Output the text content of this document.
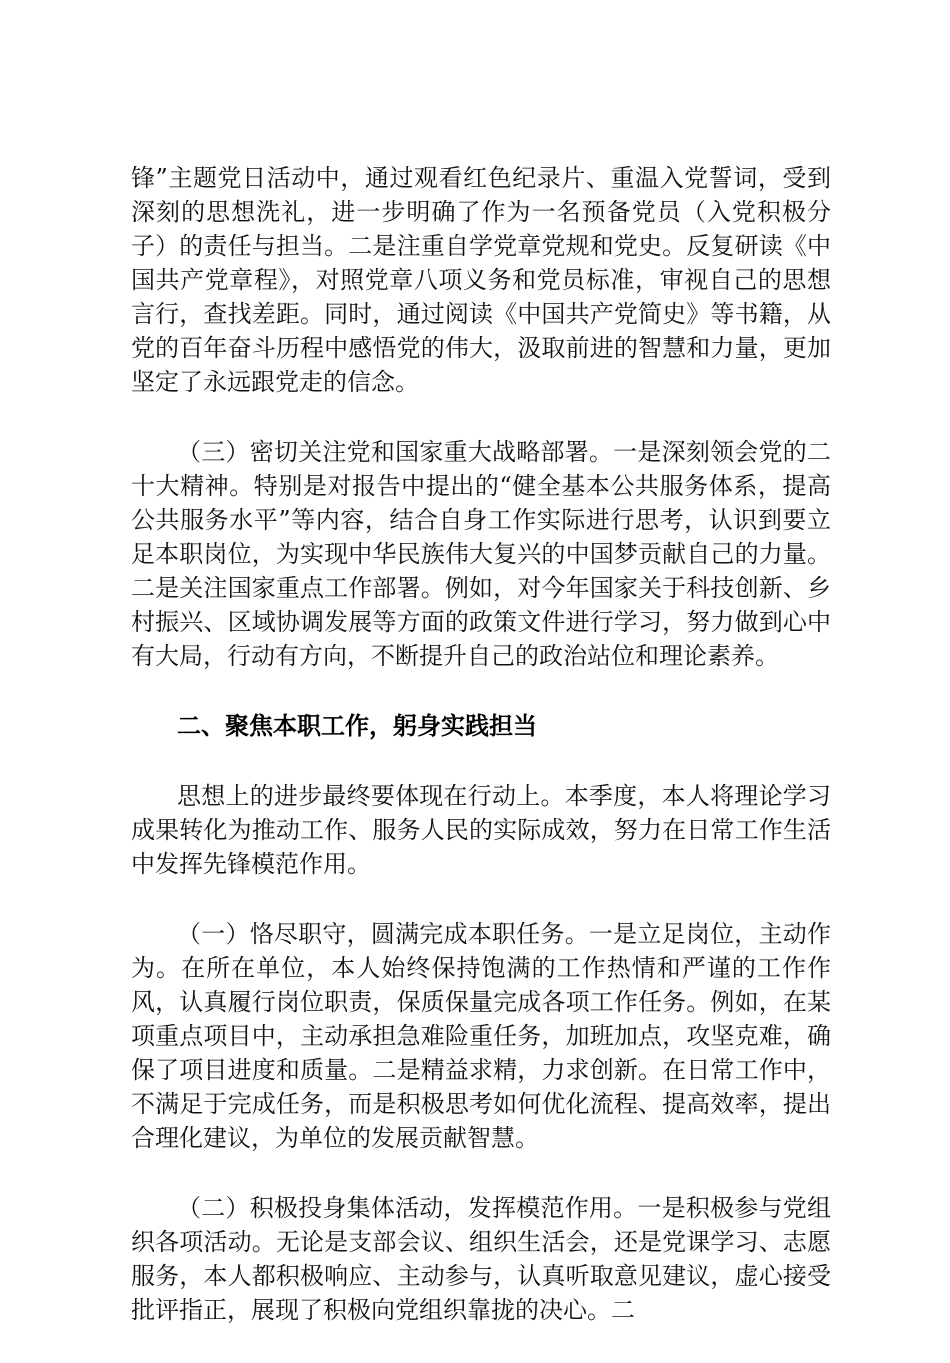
锋”主题党日活动中，通过观看红色纪录片、重温入党誓词，受到深刻的思想洗礼，进一步明确了作为一名预备党员（入党积极分子）的责任与担当。二是注重自学党章党规和党史。反复研读《中国共产党章程》，对照党章八项义务和党员标准，审视自己的思想言行，查找差距。同时，通过阅读《中国共产党简史》等书籍，从党的百年奋斗历程中感悟党的伟大，汲取前进的智慧和力量，更加坚定了永远跟党走的信念。

（三）密切关注党和国家重大战略部署。一是深刻领会党的二十大精神。特别是对报告中提出的“健全基本公共服务体系，提高公共服务水平”等内容，结合自身工作实际进行思考，认识到要立足本职岗位，为实现中华民族伟大复兴的中国梦贡献自己的力量。二是关注国家重点工作部署。例如，对今年国家关于科技创新、乡村振兴、区域协调发展等方面的政策文件进行学习，努力做到心中有大局，行动有方向，不断提升自己的政治站位和理论素养。

二、聚焦本职工作，躬身实践担当

思想上的进步最终要体现在行动上。本季度，本人将理论学习成果转化为推动工作、服务人民的实际成效，努力在日常工作生活中发挥先锋模范作用。

（一）恪尽职守，圆满完成本职任务。一是立足岗位，主动作为。在所在单位，本人始终保持饱满的工作热情和严谨的工作作风，认真履行岗位职责，保质保量完成各项工作任务。例如，在某项重点项目中，主动承担急难险重任务，加班加点，攻坚克难，确保了项目进度和质量。二是精益求精，力求创新。在日常工作中，不满足于完成任务，而是积极思考如何优化流程、提高效率，提出合理化建议，为单位的发展贡献智慧。

（二）积极投身集体活动，发挥模范作用。一是积极参与党组织各项活动。无论是支部会议、组织生活会，还是党课学习、志愿服务，本人都积极响应、主动参与，认真听取意见建议，虚心接受批评指正，展现了积极向党组织靠拢的决心。二
